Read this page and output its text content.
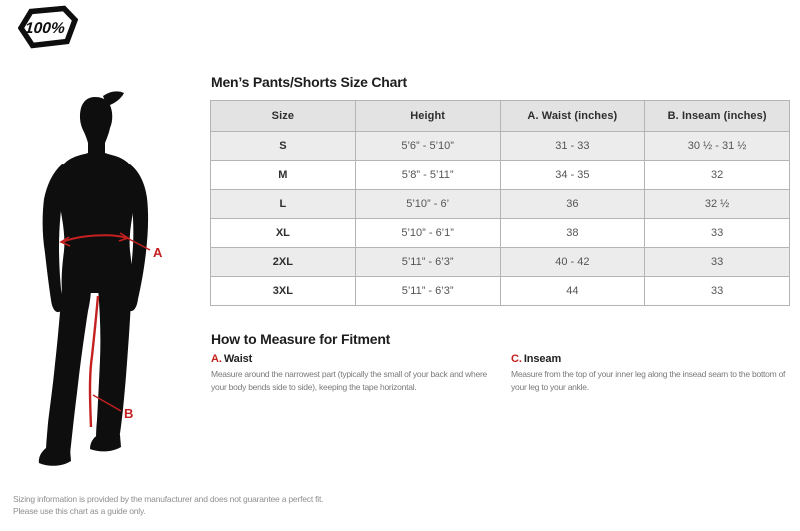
100%
A
B
Men’s Pants/Shorts Size Chart
Size	Height	A. Waist (inches)	B. Inseam (inches)
S	5’6” - 5’10”	31 - 33	30 ½ - 31 ½
M	5’8” - 5’11”	34 - 35	32
L	5’10” - 6’	36	32 ½
XL	5’10” - 6’1”	38	33
2XL	5’11” - 6’3”	40 - 42	33
3XL	5’11” - 6’3”	44	33
How to Measure for Fitment
A. Waist
Measure around the narrowest part (typically the small of your back and where your body bends side to side), keeping the tape horizontal.
C. Inseam
Measure from the top of your inner leg along the insead seam to the bottom of your leg to your ankle.
Sizing information is provided by the manufacturer and does not guarantee a perfect fit.
Please use this chart as a guide only.
